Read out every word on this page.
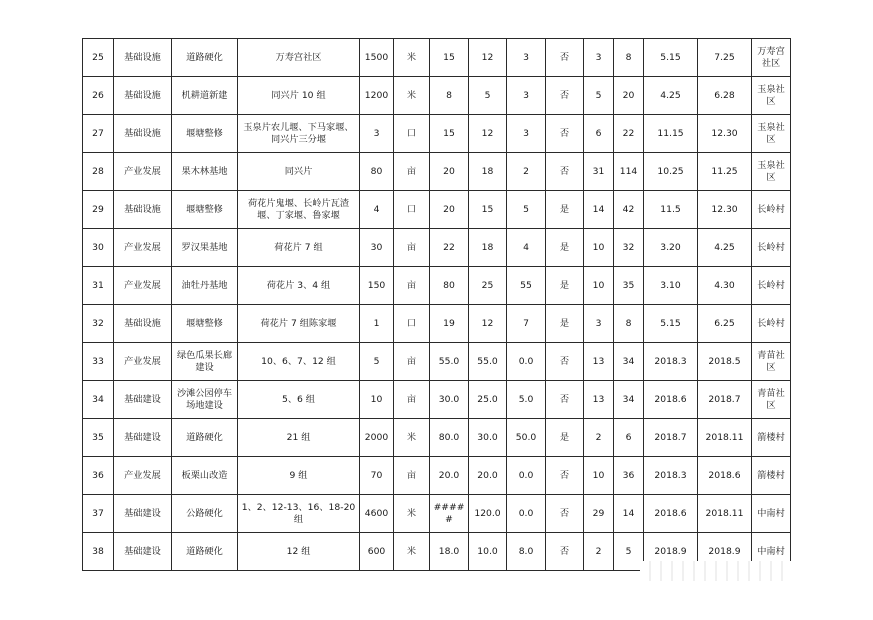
25	基础设施	道路硬化	万寿宫社区	1500	米	15	12	3	否	3	8	5.15	7.25	万寿宫社区
26	基础设施	机耕道新建	同兴片 10 组	1200	米	8	5	3	否	5	20	4.25	6.28	玉泉社区
27	基础设施	堰塘整修	玉泉片农儿堰、下马家堰、同兴片三分堰	3	口	15	12	3	否	6	22	11.15	12.30	玉泉社区
28	产业发展	果木林基地	同兴片	80	亩	20	18	2	否	31	114	10.25	11.25	玉泉社区
29	基础设施	堰塘整修	荷花片鬼堰、长岭片瓦渣堰、丁家堰、鲁家堰	4	口	20	15	5	是	14	42	11.5	12.30	长岭村
30	产业发展	罗汉果基地	荷花片 7 组	30	亩	22	18	4	是	10	32	3.20	4.25	长岭村
31	产业发展	油牡丹基地	荷花片 3、4 组	150	亩	80	25	55	是	10	35	3.10	4.30	长岭村
32	基础设施	堰塘整修	荷花片 7 组陈家堰	1	口	19	12	7	是	3	8	5.15	6.25	长岭村
33	产业发展	绿色瓜果长廊建设	10、6、7、12 组	5	亩	55.0	55.0	0.0	否	13	34	2018.3	2018.5	青苗社区
34	基础建设	沙滩公园停车场地建设	5、6 组	10	亩	30.0	25.0	5.0	否	13	34	2018.6	2018.7	青苗社区
35	基础建设	道路硬化	21 组	2000	米	80.0	30.0	50.0	是	2	6	2018.7	2018.11	箭楼村
36	产业发展	板栗山改造	9 组	70	亩	20.0	20.0	0.0	否	10	36	2018.3	2018.6	箭楼村
37	基础建设	公路硬化	1、2、12-13、16、18-20 组	4600	米	#####	120.0	0.0	否	29	14	2018.6	2018.11	中南村
38	基础建设	道路硬化	12 组	600	米	18.0	10.0	8.0	否	2	5	2018.9	2018.9	中南村
